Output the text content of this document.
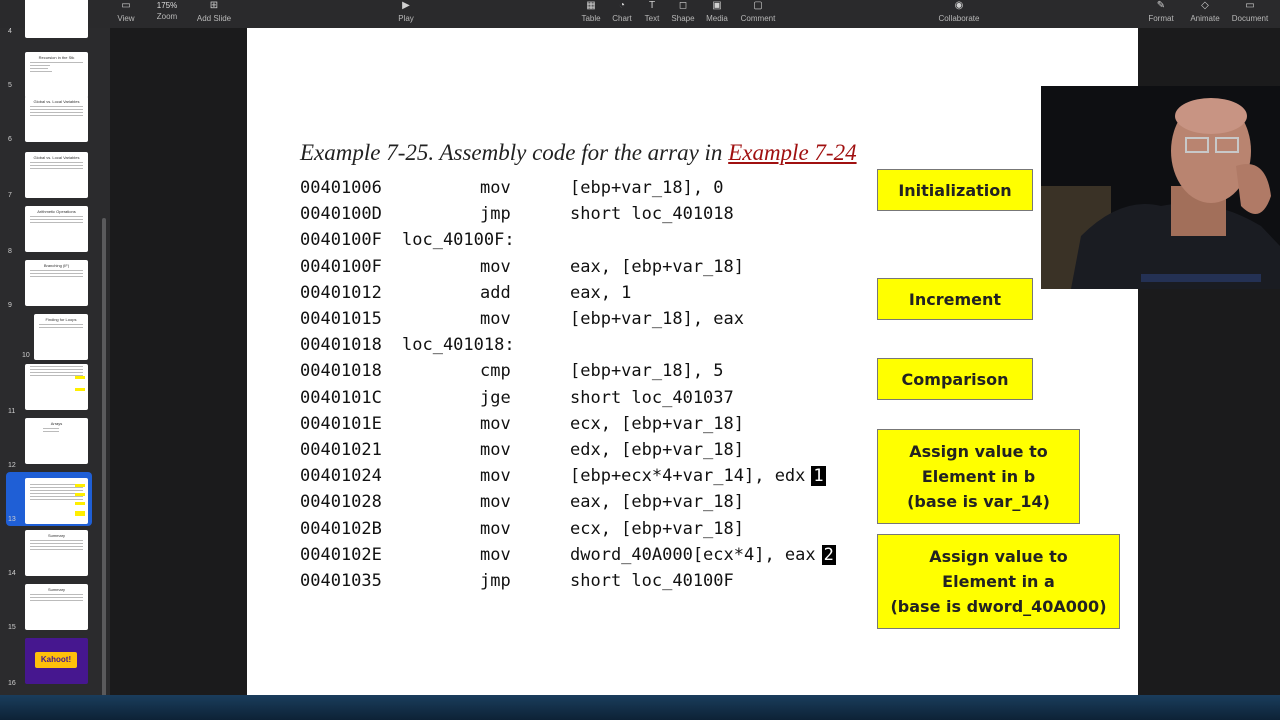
▭
View
175%
Zoom
⊞
Add Slide
▶
Play
▦
Table
◔
Chart
T
Text
◻
Shape
▣
Media
▢
Comment
◉
Collaborate
✎
Format
◇
Animate
▭
Document
4
5
Recursion in the Stk
6
Global vs. Local Variables
7
Global vs. Local Variables
8
Arithmetic Operations
9
Branching (IF)
10
Finding for Loops
11
12
Arrays
13
14
Summary
15
Summary
16
Kahoot!
Example 7-25. Assembly code for the array in Example 7-24
00401006	mov	[ebp+var_18], 0
0040100D	jmp	short loc_401018
0040100F loc_40100F:
0040100F	mov	eax, [ebp+var_18]
00401012	add	eax, 1
00401015	mov	[ebp+var_18], eax
00401018 loc_401018:
00401018	cmp	[ebp+var_18], 5
0040101C	jge	short loc_401037
0040101E	mov	ecx, [ebp+var_18]
00401021	mov	edx, [ebp+var_18]
00401024	mov	[ebp+ecx*4+var_14], edx 1
00401028	mov	eax, [ebp+var_18]
0040102B	mov	ecx, [ebp+var_18]
0040102E	mov	dword_40A000[ecx*4], eax 2
00401035	jmp	short loc_40100F
Initialization
Increment
Comparison
Assign value to
Element in b
(base is var_14)
Assign value to
Element in a
(base is dword_40A000)
